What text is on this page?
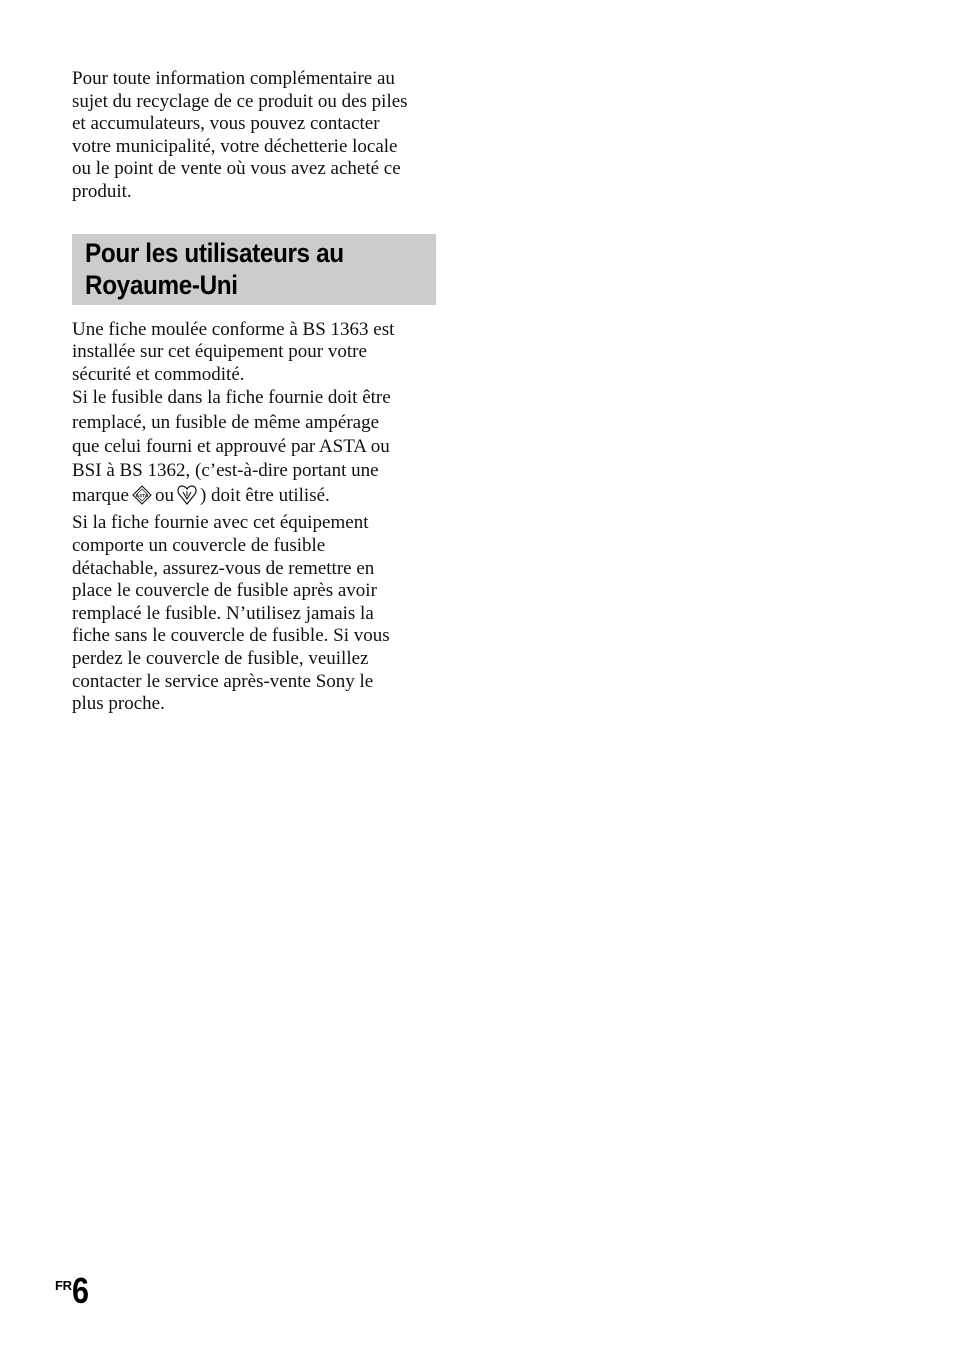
Pour toute information complémentaire au
sujet du recyclage de ce produit ou des piles
et accumulateurs, vous pouvez contacter
votre municipalité, votre déchetterie locale
ou le point de vente où vous avez acheté ce
produit.

Pour les utilisateurs au
Royaume-Uni

Une fiche moulée conforme à BS 1363 est
installée sur cet équipement pour votre
sécurité et commodité.

Si le fusible dans la fiche fournie doit être
remplacé, un fusible de même ampérage
que celui fourni et approuvé par ASTA ou
BSI à BS 1362, (c’est-à-dire portant une
marque ASTA ou ) doit être utilisé.

Si la fiche fournie avec cet équipement
comporte un couvercle de fusible
détachable, assurez-vous de remettre en
place le couvercle de fusible après avoir
remplacé le fusible. N’utilisez jamais la
fiche sans le couvercle de fusible. Si vous
perdez le couvercle de fusible, veuillez
contacter le service après-vente Sony le
plus proche.

FR 6
